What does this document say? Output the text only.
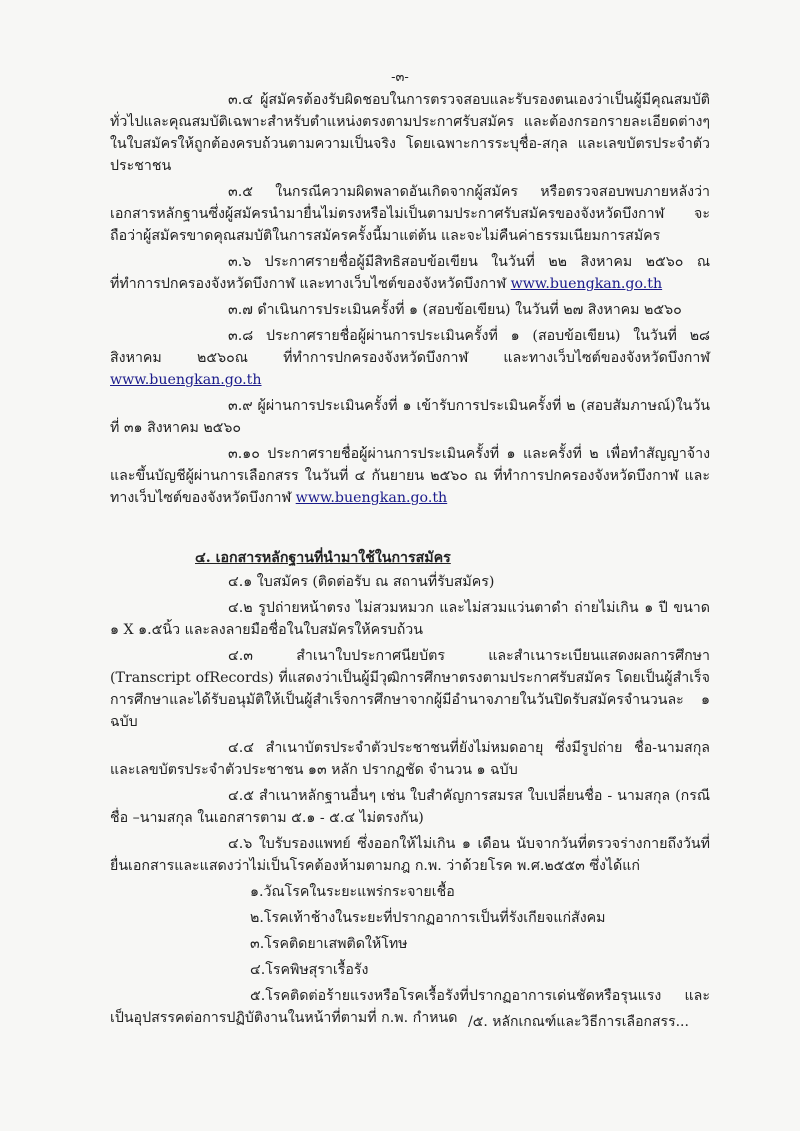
-๓-

๓.๔ ผู้สมัครต้องรับผิดชอบในการตรวจสอบและรับรองตนเองว่าเป็นผู้มีคุณสมบัติทั่วไปและคุณสมบัติเฉพาะสำหรับตำแหน่งตรงตามประกาศรับสมัคร และต้องกรอกรายละเอียดต่างๆในใบสมัครให้ถูกต้องครบถ้วนตามความเป็นจริง โดยเฉพาะการระบุชื่อ-สกุล และเลขบัตรประจำตัวประชาชน

๓.๕ ในกรณีความผิดพลาดอันเกิดจากผู้สมัคร หรือตรวจสอบพบภายหลังว่าเอกสารหลักฐานซึ่งผู้สมัครนำมายื่นไม่ตรงหรือไม่เป็นตามประกาศรับสมัครของจังหวัดบึงกาฬ จะถือว่าผู้สมัครขาดคุณสมบัติในการสมัครครั้งนี้มาแต่ต้น และจะไม่คืนค่าธรรมเนียมการสมัคร

๓.๖ ประกาศรายชื่อผู้มีสิทธิสอบข้อเขียน ในวันที่ ๒๒ สิงหาคม ๒๕๖๐ ณ ที่ทำการปกครองจังหวัดบึงกาฬ และทางเว็บไซต์ของจังหวัดบึงกาฬ www.buengkan.go.th

๓.๗ ดำเนินการประเมินครั้งที่ ๑ (สอบข้อเขียน) ในวันที่ ๒๗ สิงหาคม ๒๕๖๐

๓.๘ ประกาศรายชื่อผู้ผ่านการประเมินครั้งที่ ๑ (สอบข้อเขียน) ในวันที่ ๒๘ สิงหาคม ๒๕๖๐ณ ที่ทำการปกครองจังหวัดบึงกาฬ และทางเว็บไซต์ของจังหวัดบึงกาฬ www.buengkan.go.th

๓.๙ ผู้ผ่านการประเมินครั้งที่ ๑ เข้ารับการประเมินครั้งที่ ๒ (สอบสัมภาษณ์)ในวันที่ ๓๑ สิงหาคม ๒๕๖๐

๓.๑๐ ประกาศรายชื่อผู้ผ่านการประเมินครั้งที่ ๑ และครั้งที่ ๒ เพื่อทำสัญญาจ้างและขึ้นบัญชีผู้ผ่านการเลือกสรร ในวันที่ ๔ กันยายน ๒๕๖๐ ณ ที่ทำการปกครองจังหวัดบึงกาฬ และทางเว็บไซต์ของจังหวัดบึงกาฬ www.buengkan.go.th

๔. เอกสารหลักฐานที่นำมาใช้ในการสมัคร

๔.๑ ใบสมัคร (ติดต่อรับ ณ สถานที่รับสมัคร)

๔.๒ รูปถ่ายหน้าตรง ไม่สวมหมวก และไม่สวมแว่นตาดำ ถ่ายไม่เกิน ๑ ปี ขนาด ๑ X ๑.๕นิ้ว และลงลายมือชื่อในใบสมัครให้ครบถ้วน

๔.๓ สำเนาใบประกาศนียบัตร และสำเนาระเบียนแสดงผลการศึกษา (Transcript ofRecords) ที่แสดงว่าเป็นผู้มีวุฒิการศึกษาตรงตามประกาศรับสมัคร โดยเป็นผู้สำเร็จการศึกษาและได้รับอนุมัติให้เป็นผู้สำเร็จการศึกษาจากผู้มีอำนาจภายในวันปิดรับสมัครจำนวนละ ๑ ฉบับ

๔.๔ สำเนาบัตรประจำตัวประชาชนที่ยังไม่หมดอายุ ซึ่งมีรูปถ่าย ชื่อ-นามสกุล และเลขบัตรประจำตัวประชาชน ๑๓ หลัก ปรากฏชัด จำนวน ๑ ฉบับ

๔.๕ สำเนาหลักฐานอื่นๆ เช่น ใบสำคัญการสมรส ใบเปลี่ยนชื่อ - นามสกุล (กรณีชื่อ –นามสกุล ในเอกสารตาม ๕.๑ - ๕.๔ ไม่ตรงกัน)

๔.๖ ใบรับรองแพทย์ ซึ่งออกให้ไม่เกิน ๑ เดือน นับจากวันที่ตรวจร่างกายถึงวันที่ยื่นเอกสารและแสดงว่าไม่เป็นโรคต้องห้ามตามกฎ ก.พ. ว่าด้วยโรค พ.ศ.๒๕๕๓ ซึ่งได้แก่

๑.วัณโรคในระยะแพร่กระจายเชื้อ

๒.โรคเท้าช้างในระยะที่ปรากฏอาการเป็นที่รังเกียจแก่สังคม

๓.โรคติดยาเสพติดให้โทษ

๔.โรคพิษสุราเรื้อรัง

๕.โรคติดต่อร้ายแรงหรือโรคเรื้อรังที่ปรากฏอาการเด่นชัดหรือรุนแรง และเป็นอุปสรรคต่อการปฏิบัติงานในหน้าที่ตามที่ ก.พ. กำหนด /๕. หลักเกณฑ์และวิธีการเลือกสรร...
